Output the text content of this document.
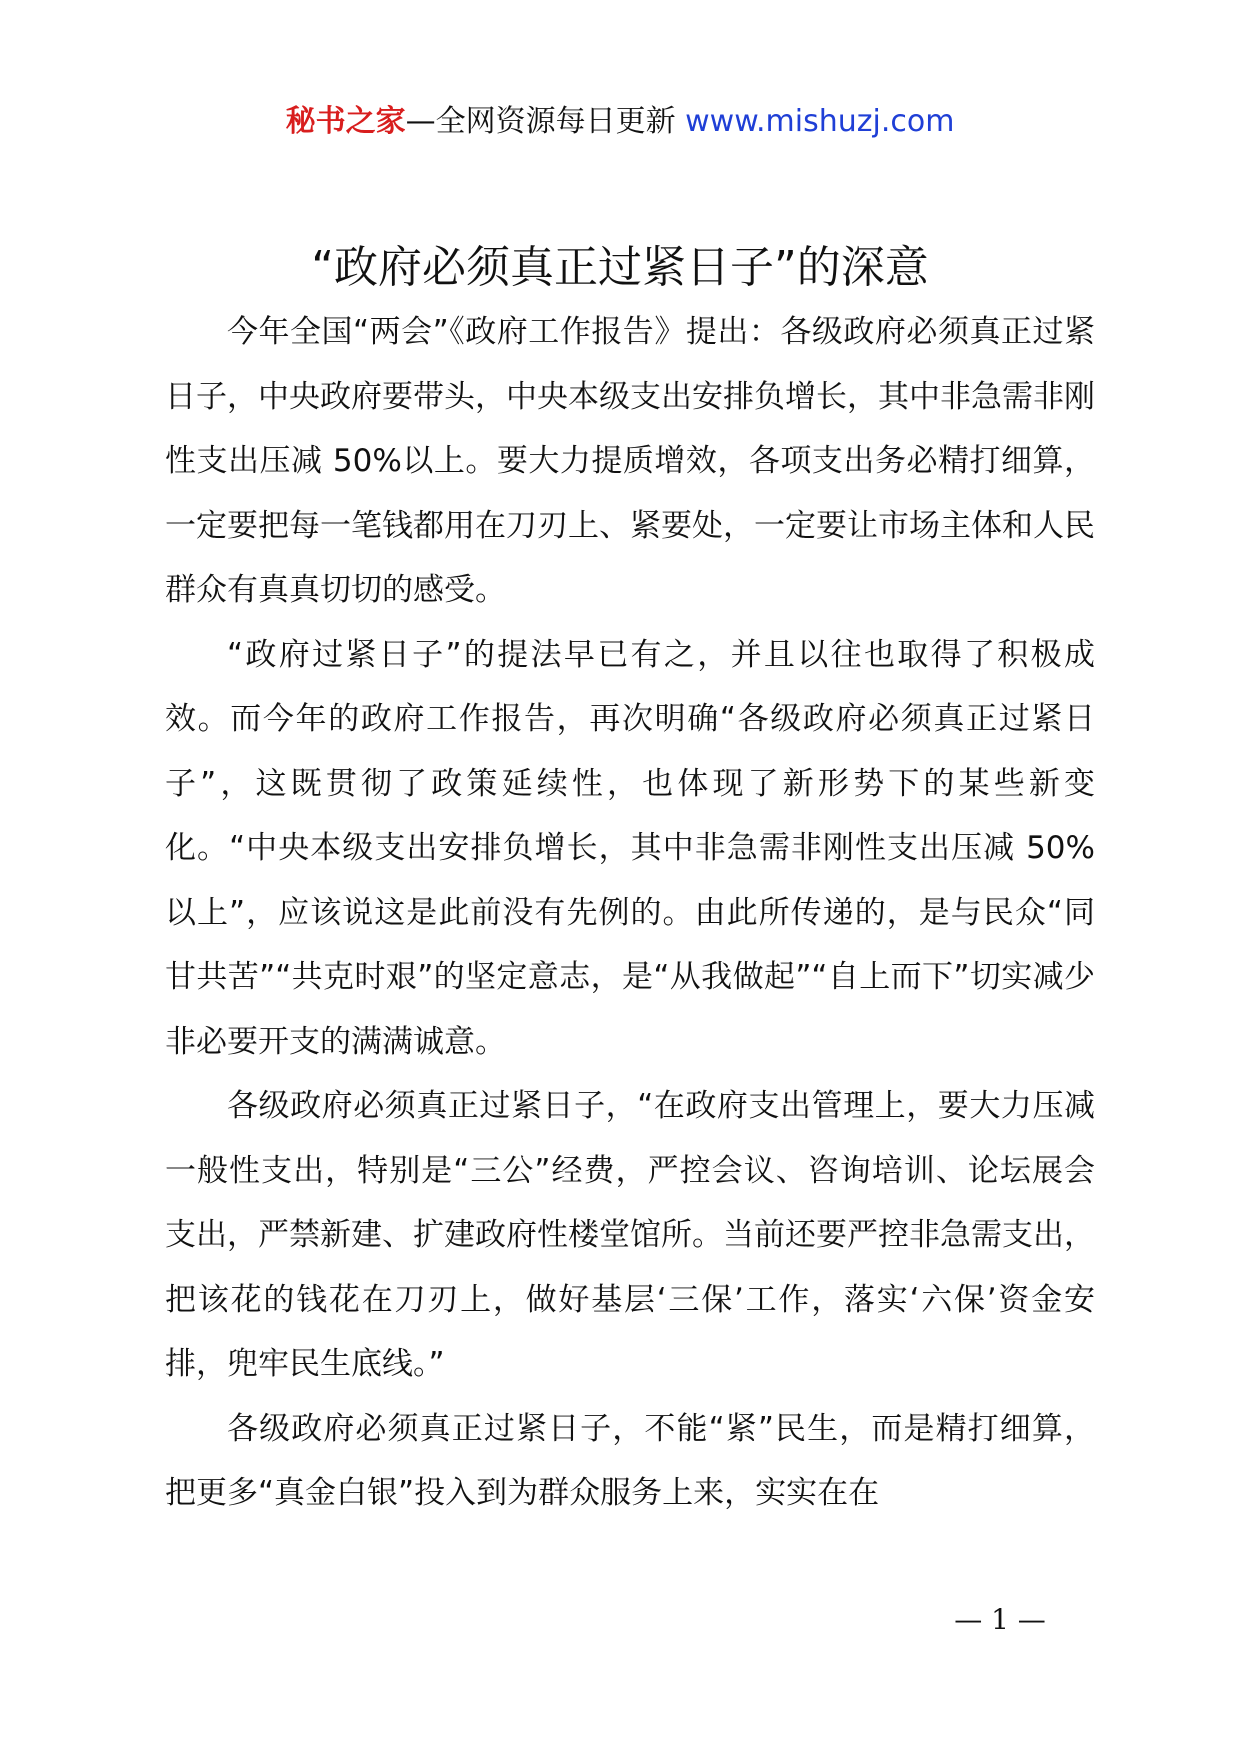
秘书之家—全网资源每日更新 www.mishuzj.com
“政府必须真正过紧日子”的深意

今年全国“两会”《政府工作报告》提出：各级政府必须真正过紧日子，中央政府要带头，中央本级支出安排负增长，其中非急需非刚性支出压减 50%以上。要大力提质增效，各项支出务必精打细算，一定要把每一笔钱都用在刀刃上、紧要处，一定要让市场主体和人民群众有真真切切的感受。

“政府过紧日子”的提法早已有之，并且以往也取得了积极成效。而今年的政府工作报告，再次明确“各级政府必须真正过紧日子”，这既贯彻了政策延续性，也体现了新形势下的某些新变化。“中央本级支出安排负增长，其中非急需非刚性支出压减 50%以上”，应该说这是此前没有先例的。由此所传递的，是与民众“同甘共苦”“共克时艰”的坚定意志，是“从我做起”“自上而下”切实减少非必要开支的满满诚意。

各级政府必须真正过紧日子，“在政府支出管理上，要大力压减一般性支出，特别是“三公”经费，严控会议、咨询培训、论坛展会支出，严禁新建、扩建政府性楼堂馆所。当前还要严控非急需支出，把该花的钱花在刀刃上，做好基层‘三保’工作，落实‘六保’资金安排，兜牢民生底线。”

各级政府必须真正过紧日子，不能“紧”民生，而是精打细算，把更多“真金白银”投入到为群众服务上来，实实在在

— 1 —
